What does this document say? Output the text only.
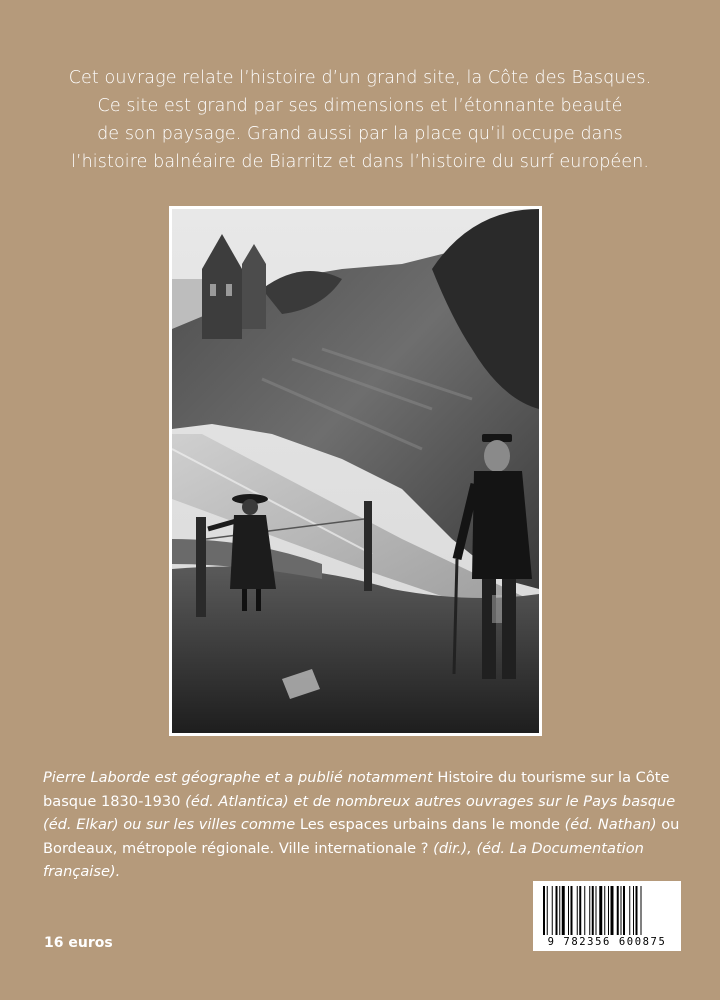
Cet ouvrage relate l’histoire d’un grand site, la Côte des Basques.
Ce site est grand par ses dimensions et l’étonnante beauté
de son paysage. Grand aussi par la place qu’il occupe dans
l’histoire balnéaire de Biarritz et dans l’histoire du surf européen.
Pierre Laborde est géographe et a publié notamment Histoire du tourisme sur la Côte basque 1830-1930 (éd. Atlantica) et de nombreux autres ouvrages sur le Pays basque (éd. Elkar) ou sur les villes comme Les espaces urbains dans le monde (éd. Nathan) ou Bordeaux, métropole régionale. Ville internationale ? (dir.), (éd. La Documentation française).
16 euros	9 782356 600875
